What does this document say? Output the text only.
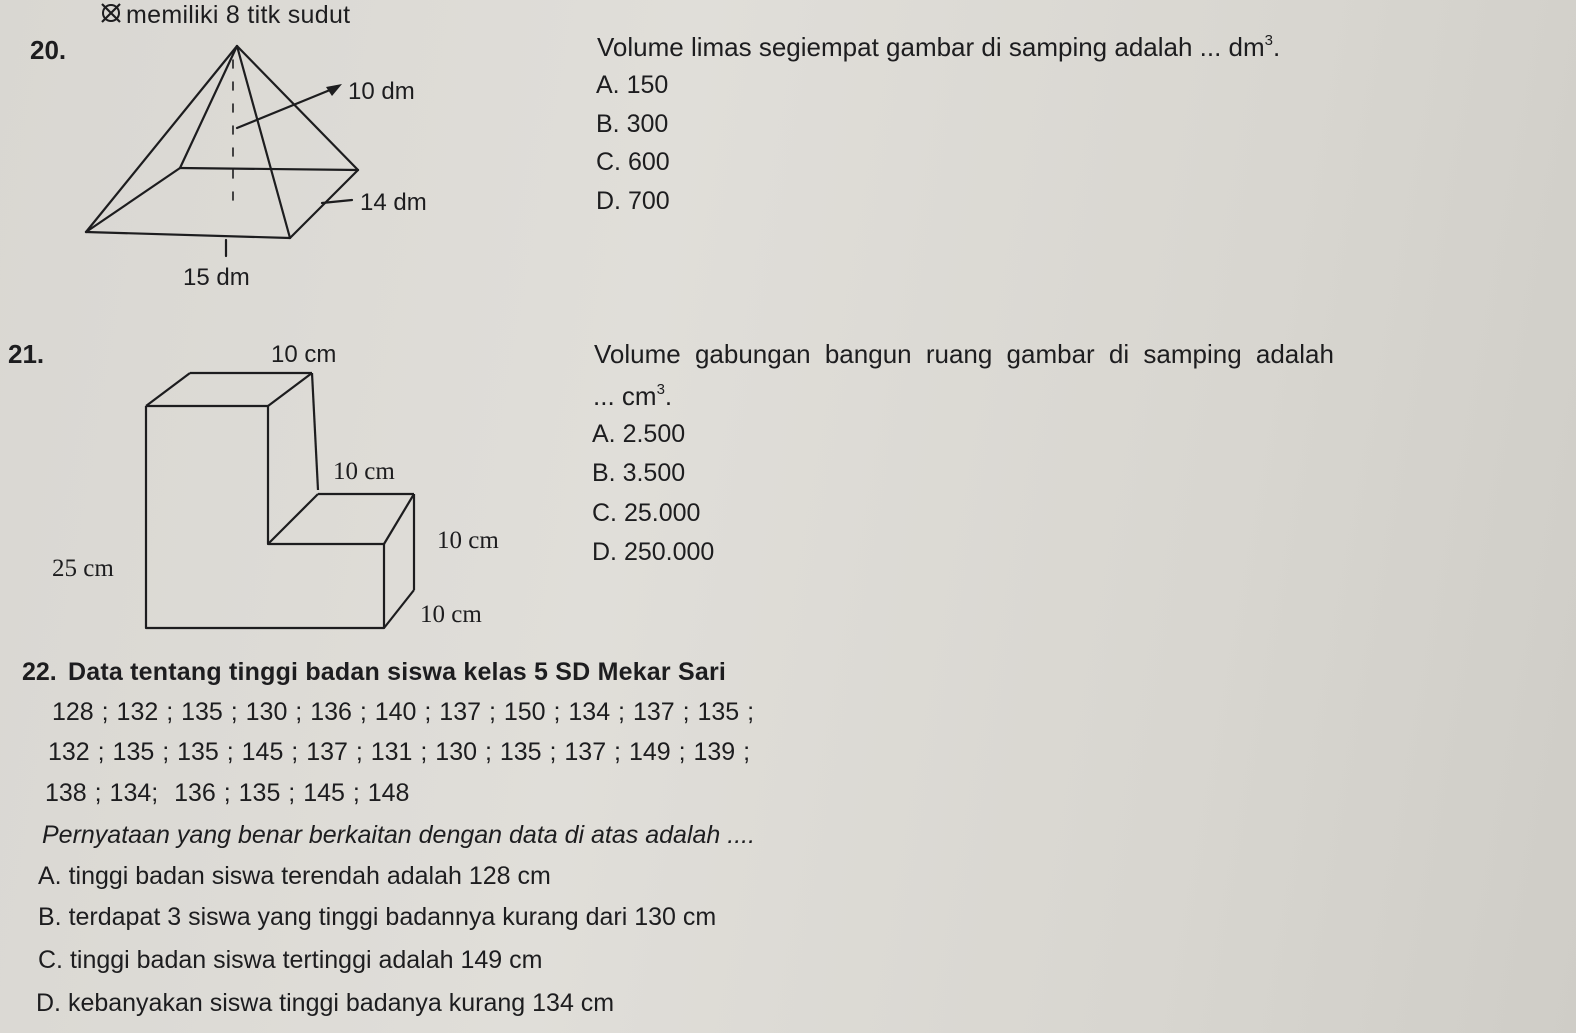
memiliki 8 titk sudut
20.
10 dm
14 dm
15 dm
Volume limas segiempat gambar di samping adalah ... $dm^3$.
A. 150
B. 300
C. 600
D. 700
21.	10 cm
10 cm
10 cm
25 cm
10 cm
Volume gabungan bangun ruang gambar di samping adalah
... $cm^3$.
A. 2.500
B. 3.500
C. 25.000
D. 250.000
22. Data tentang tinggi badan siswa kelas 5 SD Mekar Sari
128 ; 132 ; 135 ; 130 ; 136 ; 140 ; 137 ; 150 ; 134 ; 137 ; 135 ;
132 ; 135 ; 135 ; 145 ; 137 ; 131 ; 130 ; 135 ; 137 ; 149 ; 139 ;
138 ; 134;  136 ; 135 ; 145 ; 148
Pernyataan yang benar berkaitan dengan data di atas adalah ....
A. tinggi badan siswa terendah adalah 128 cm
B. terdapat 3 siswa yang tinggi badannya kurang dari 130 cm
C. tinggi badan siswa tertinggi adalah 149 cm
D. kebanyakan siswa tinggi badanya kurang 134 cm
